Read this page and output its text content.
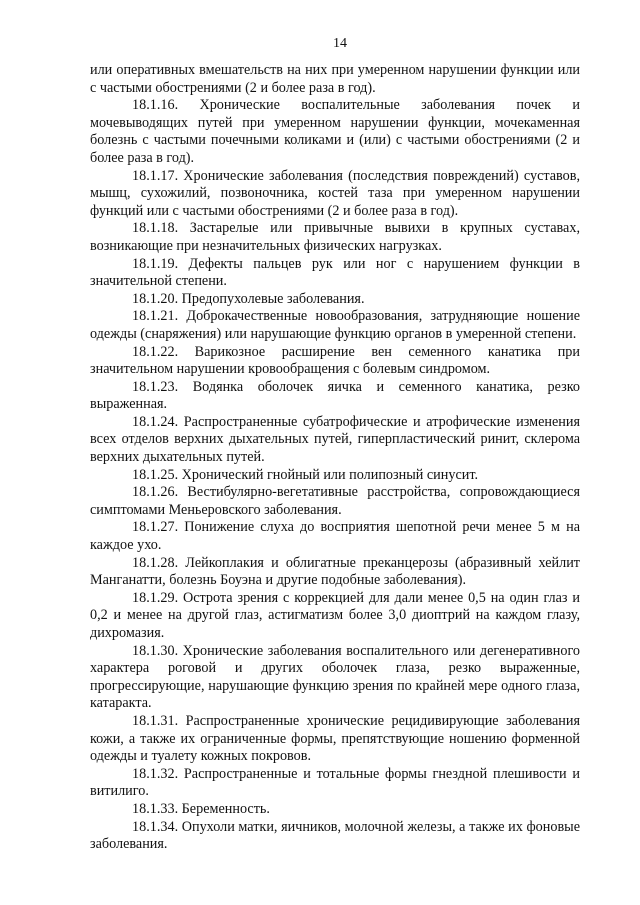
14

или оперативных вмешательств на них при умеренном нарушении функции или с частыми обострениями (2 и более раза в год).

18.1.16. Хронические воспалительные заболевания почек и мочевыводящих путей при умеренном нарушении функции, мочекаменная болезнь с частыми почечными коликами и (или) с частыми обострениями (2 и более раза в год).

18.1.17. Хронические заболевания (последствия повреждений) суставов, мышц, сухожилий, позвоночника, костей таза при умеренном нарушении функций или с частыми обострениями (2 и более раза в год).

18.1.18. Застарелые или привычные вывихи в крупных суставах, возникающие при незначительных физических нагрузках.

18.1.19. Дефекты пальцев рук или ног с нарушением функции в значительной степени.

18.1.20. Предопухолевые заболевания.

18.1.21. Доброкачественные новообразования, затрудняющие ношение одежды (снаряжения) или нарушающие функцию органов в умеренной степени.

18.1.22. Варикозное расширение вен семенного канатика при значительном нарушении кровообращения с болевым синдромом.

18.1.23. Водянка оболочек яичка и семенного канатика, резко выраженная.

18.1.24. Распространенные субатрофические и атрофические изменения всех отделов верхних дыхательных путей, гиперпластический ринит, склерома верхних дыхательных путей.

18.1.25. Хронический гнойный или полипозный синусит.

18.1.26. Вестибулярно-вегетативные расстройства, сопровождающиеся симптомами Меньеровского заболевания.

18.1.27. Понижение слуха до восприятия шепотной речи менее 5 м на каждое ухо.

18.1.28. Лейкоплакия и облигатные преканцерозы (абразивный хейлит Манганатти, болезнь Боуэна и другие подобные заболевания).

18.1.29. Острота зрения с коррекцией для дали менее 0,5 на один глаз и 0,2 и менее на другой глаз, астигматизм более 3,0 диоптрий на каждом глазу, дихромазия.

18.1.30. Хронические заболевания воспалительного или дегенеративного характера роговой и других оболочек глаза, резко выраженные, прогрессирующие, нарушающие функцию зрения по крайней мере одного глаза, катаракта.

18.1.31. Распространенные хронические рецидивирующие заболевания кожи, а также их ограниченные формы, препятствующие ношению форменной одежды и туалету кожных покровов.

18.1.32. Распространенные и тотальные формы гнездной плешивости и витилиго.

18.1.33. Беременность.

18.1.34. Опухоли матки, яичников, молочной железы, а также их фоновые заболевания.
